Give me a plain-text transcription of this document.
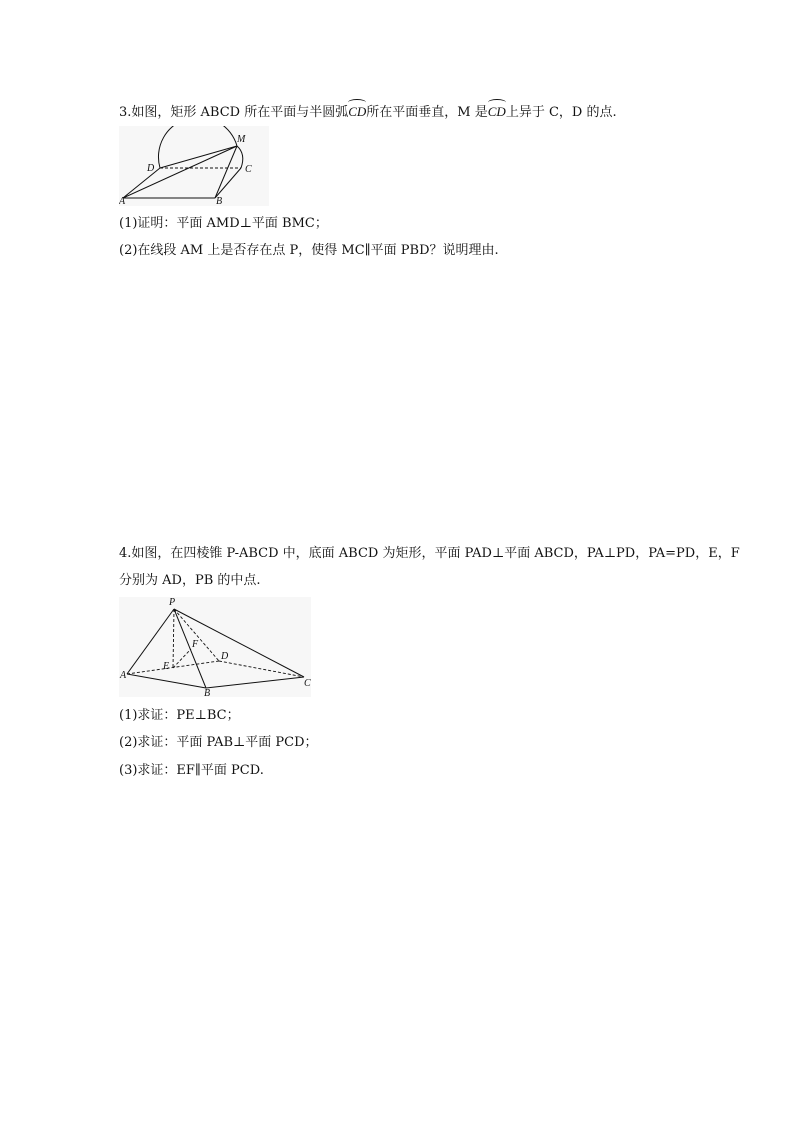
3.如图，矩形 ABCD 所在平面与半圆弧CD所在平面垂直，M 是CD上异于 C，D 的点.
M
D	C
A	B
(1)证明：平面 AMD⊥平面 BMC；
(2)在线段 AM 上是否存在点 P，使得 MC∥平面 PBD？说明理由.
4.如图，在四棱锥 P-ABCD 中，底面 ABCD 为矩形，平面 PAD⊥平面 ABCD，PA⊥PD，PA=PD，E，F
分别为 AD，PB 的中点.
P
F
E
D
A
B
C
(1)求证：PE⊥BC；
(2)求证：平面 PAB⊥平面 PCD；
(3)求证：EF∥平面 PCD.
